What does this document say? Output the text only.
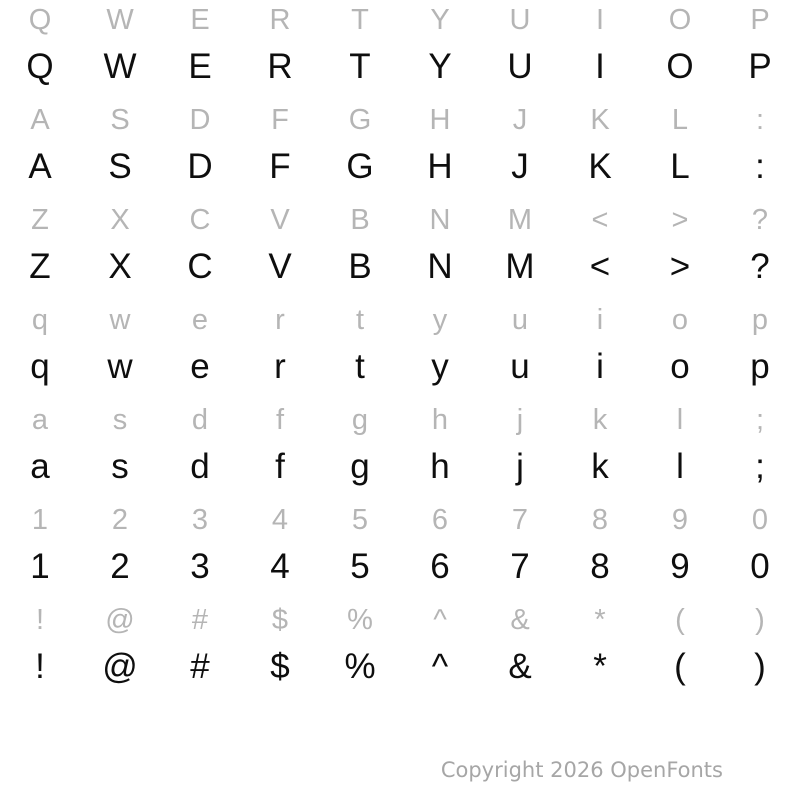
Q W E R T Y U I O P
Q W E R T Y U I O P
A S D F G H J K L :
A S D F G H J K L :
Z X C V B N M < > ?
Z X C V B N M < > ?
q w e r t y u i o p
q w e r t y u i o p
a s d f g h j k l	;
a s d f g h j k l ;
1 2 3 4 5 6 7 8 9 0
1 2 3 4 5 6 7 8 9 0
! @ # $ % ^ & * ( )
! @ # $ % ^ & * ( )
Copyright 2026 OpenFonts
